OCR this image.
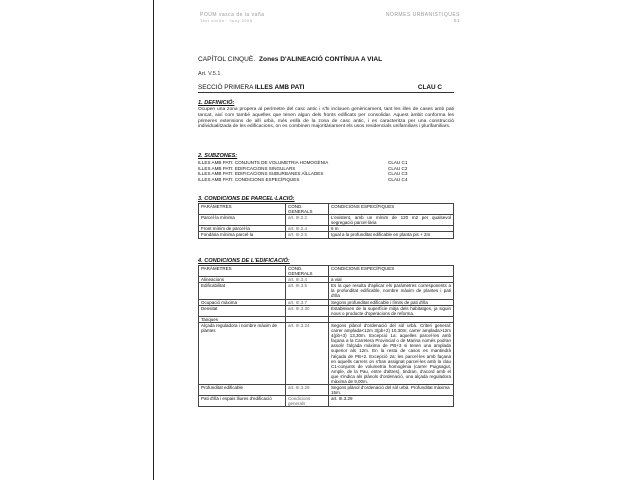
POUM vasca de la vaña
Text vivitie · Juny 2005
NORMES URBANÍSTIQUES
61
CAPÍTOL CINQUÈ. Zones D'ALINEACIÓ CONTÍNUA A VIAL
Art. V.5.1
SECCIÓ PRIMERA ILLES AMB PATI	CLAU C
1. DEFINICIÓ:
Ocupen una zona propera al perímetre del casc antic i s'hi inclouen genèricament, tant les illes de cases amb pati tancat, així com també aquelles que tenen algun dels fronts edificats per consolidar. Aquest àmbit conforma les primeres extensions de allí urbà, més enllà de la zona de casc antic, i es caracteritza per una construcció individualitzada de les edificacions, on es combinen majoritàriament els usos residencials unifamiliars i plurifamiliars.
2. SUBZONES:
ILLES AMB PATI: CONJUNTS DE VOLUMETRIA HOMOGÈNIA	CLAU C1
ILLES AMB PATI: EDIFICACIONS SINGULARS	CLAU C2
ILLES AMB PATI: EDIFICACIONS SUBURBANES AÏLLADES	CLAU C3
ILLES AMB PATI: CONDICIONS ESPECÍFIQUES	CLAU C4
3. CONDICIONS DE PARCEL·LACIÓ:
PARÀMETRES	COND. GENERALS	CONDICIONS ESPECÍFIQUES
Parcel·la mínima	art. III.2.2	L'existent, amb un mínim de 120 m2 per qualsevol segregació parcel·lària
Front mínim de parcel·la	art. III.2.4	6 m
Fondària mínima parcel·la	art. III.2.5	Igual a la profunditat edificable en planta pis + 2m
4. CONDICIONS DE L'EDIFICACIÓ:
PARÀMETRES	COND. GENERALS	CONDICIONS ESPECÍFIQUES
Alineacions	art. III.3.4	a vial
Edificabilitat	art. III.3.5	Es la que resulta d'aplicar els paràmetres corresponents a la profunditat edificable, nombre màxim de plantes i pati d'illa
Ocupació màxima	art. III.3.7	Segons profunditat edificable i límits de pati d'illa
Densitat	art. III.3.30	Estableixen de la superfície mitja dels habitatges, ja siguin nous o producte d'operacions de reforma.
Tanques		
Alçada reguladora i nombre màxim de plantes	art. III.3.24	Segons plànol d'ordenació del sòl urbà. Criteri general: carrer amplada<12m 3(pb+2) 10,30m; carrer amplada>12m 4(pb+3) 13,30m. Excepció 1a: aquelles parcel·les amb façana a la Carretera Provincial o de Marina només podran assolir l'alçada màxima de PB+3 si tenen una amplada superior als 12m. En la resta de casos es mantindrà l'alçada de PB+2. Excepció 2a: les parcel·les amb façana en aquells carrers on s'han assignat parcel·les amb la clau C1-conjunts de volumetria homogènia (carrer Puigsagut, Ample, de la Pau, entre d'altres), tindran, d'acord amb el que s'indica als plànols d'ordenació, una alçada reguladora màxima de 9,00m.
Profunditat edificable	art. III.3.28	Segons plànol d'ordenació del sòl urbà. Profunditat màxima 15m.
Pati d'illa i espais lliures d'edificació	Condicions generals	art. III.3.29
